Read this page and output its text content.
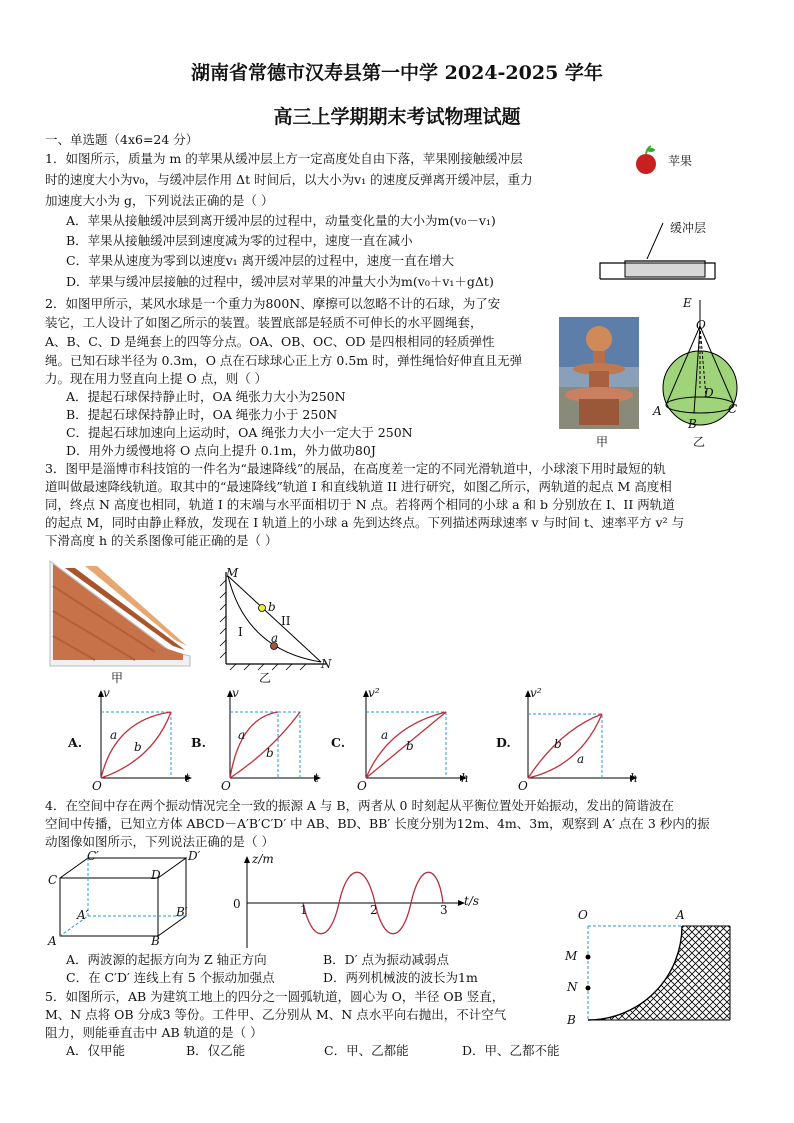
湖南省常德市汉寿县第一中学 2024-2025 学年
高三上学期期末考试物理试题
一、单选题（4x6=24 分）
1．如图所示，质量为 m 的苹果从缓冲层上方一定高度处自由下落，苹果刚接触缓冲层
时的速度大小为v₀，与缓冲层作用 Δt 时间后，以大小为v₁ 的速度反弹离开缓冲层，重力
加速度大小为 g，下列说法正确的是（ ）
A．苹果从接触缓冲层到离开缓冲层的过程中，动量变化量的大小为m(v₀－v₁)
B．苹果从接触缓冲层到速度减为零的过程中，速度一直在减小
C．苹果从速度为零到以速度v₁ 离开缓冲层的过程中，速度一直在增大
D．苹果与缓冲层接触的过程中，缓冲层对苹果的冲量大小为m(v₀＋v₁＋gΔt)
苹果
缓冲层
2．如图甲所示，某风水球是一个重力为800N、摩擦可以忽略不计的石球，为了安
装它，工人设计了如图乙所示的装置。装置底部是轻质不可伸长的水平圆绳套，
A、B、C、D 是绳套上的四等分点。OA、OB、OC、OD 是四根相同的轻质弹性
绳。已知石球半径为 0.3m，O 点在石球球心正上方 0.5m 时，弹性绳恰好伸直且无弹
力。现在用力竖直向上提 O 点，则（ ）
A．提起石球保持静止时，OA 绳张力大小为250N
B．提起石球保持静止时，OA 绳张力小于 250N
C．提起石球加速向上运动时，OA 绳张力大小一定大于 250N
D．用外力缓慢地将 O 点向上提升 0.1m，外力做功80J
甲
E
O
D
A	C
B
乙
3．图甲是淄博市科技馆的一件名为“最速降线”的展品，在高度差一定的不同光滑轨道中，小球滚下用时最短的轨
道叫做最速降线轨道。取其中的“最速降线”轨道 I 和直线轨道 II 进行研究，如图乙所示，两轨道的起点 M 高度相
同，终点 N 高度也相同，轨道 I 的末端与水平面相切于 N 点。若将两个相同的小球 a 和 b 分别放在 I、II 两轨道
的起点 M，同时由静止释放，发现在 I 轨道上的小球 a 先到达终点。下列描述两球速率 v 与时间 t、速率平方 v² 与
下滑高度 h 的关系图像可能正确的是（ ）
甲
M
b
II
I a
N
乙
A.
v
t
a
b
O
B.
v
t
a
b
O
C.
v²
h
a
b
O
D.
v²
h
b
a
O
4．在空间中存在两个振动情况完全一致的振源 A 与 B，两者从 0 时刻起从平衡位置处开始振动，发出的简谐波在
空间中传播，已知立方体 ABCD－A′B′C′D′ 中 AB、BD、BB′ 长度分别为12m、4m、3m，观察到 A′ 点在 3 秒内的振
动图像如图所示，下列说法正确的是（ ）
C′	D′
C	D
A′	B′
A	B
z/m
0	1	2	3
t/s
A．两波源的起振方向为 Z 轴正方向	B．D′ 点为振动减弱点
C．在 C′D′ 连线上有 5 个振动加强点	D．两列机械波的波长为1m
5．如图所示，AB 为建筑工地上的四分之一圆弧轨道，圆心为 O，半径 OB 竖直，
M、N 点将 OB 分成3 等份。工件甲、乙分别从 M、N 点水平向右抛出，不计空气
阻力，则能垂直击中 AB 轨道的是（ ）
A．仅甲能	B．仅乙能	C．甲、乙都能	D．甲、乙都不能
O	A
M
N
B
